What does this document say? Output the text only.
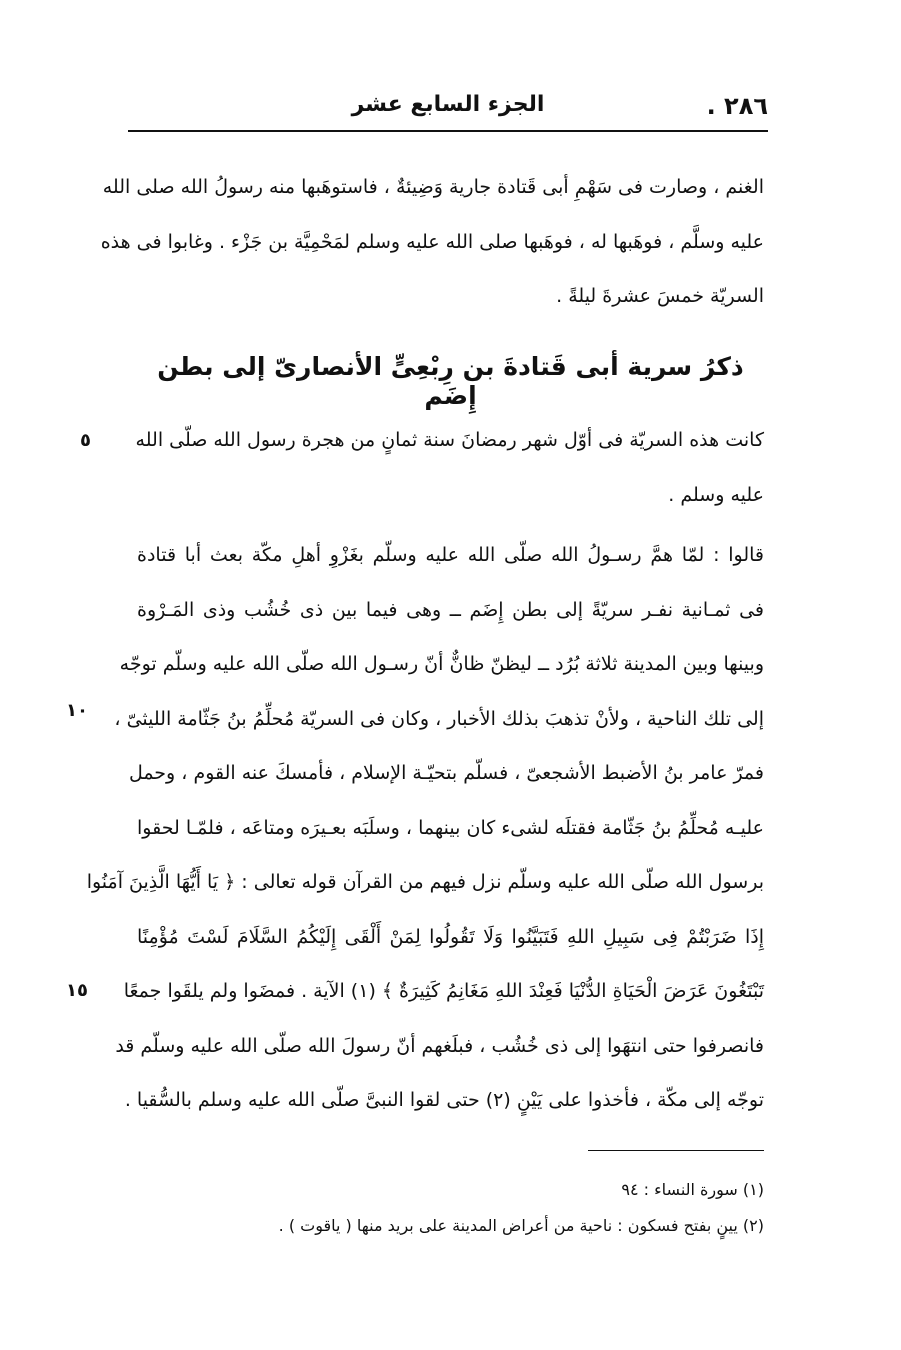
٢٨٦ .
الجزء السابع عشر
الغنم ، وصارت فى سَهْمِ أبى قَتادة جارية وَضِيئةٌ ، فاستوهَبها منه رسولُ الله صلى الله
عليه وسلَّم ، فوهَبها له ، فوهَبها صلى الله عليه وسلم لمَحْمِيَّة بن جَزْء . وغابوا فى هذه
السريّة خمسَ عشرةَ ليلةً .
ذكرُ سرية أبى قَتادةَ بن رِبْعِىٍّ الأنصارىّ إلى بطن إِضَم
كانت هذه السريّة فى أوّل شهر رمضانَ سنة ثمانٍ من هجرة رسول الله صلّى الله
عليه وسلم .
قالوا : لمّا همَّ رسـولُ الله صلّى الله عليه وسلّم بغَزْوِ أهلِ مكّة بعث أبا قتادة
فى ثمـانية نفـر سريّةً إلى بطن إِضَم ــ وهى فيما بين ذى خُشُب وذى المَـرْوة
وبينها وبين المدينة ثلاثة بُرُد ــ ليظنّ ظانٌّ أنّ رسـول الله صلّى الله عليه وسلّم توجّه
إلى تلك الناحية ، ولأنْ تذهبَ بذلك الأخبار ، وكان فى السريّة مُحلِّمُ بنُ جَثّامة الليثىّ ،
فمرّ عامر بنُ الأضبط الأشجعىّ ، فسلّم بتحيّـة الإسلام ، فأمسكَ عنه القوم ، وحمل
عليـه مُحلِّمُ بنُ جَثّامة فقتلَه لشىء كان بينهما ، وسلَبَه بعـيرَه ومتاعَه ، فلمّـا لحقوا
برسول الله صلّى الله عليه وسلّم نزل فيهم من القرآن قوله تعالى : ﴿ يَا أَيُّهَا الَّذِينَ آمَنُوا
إِذَا ضَرَبْتُمْ فِى سَبِيلِ اللهِ فَتَبَيَّنُوا وَلَا تَقُولُوا لِمَنْ أَلْقَى إِلَيْكُمُ السَّلَامَ لَسْتَ مُؤْمِنًا
تَبْتَغُونَ عَرَضَ الْحَيَاةِ الدُّنْيَا فَعِنْدَ اللهِ مَغَانِمُ كَثِيرَةٌ ﴾ (١) الآية . فمضَوا ولم يلقَوا جمعًا
فانصرفوا حتى انتهَوا إلى ذى خُشُب ، فبلَغهم أنّ رسولَ الله صلّى الله عليه وسلّم قد
توجّه إلى مكّة ، فأخذوا على يَيْنٍ (٢) حتى لقوا النبىَّ صلّى الله عليه وسلم بالسُّقيا .
٥
١٠
١٥
(١) سورة النساء : ٩٤
(٢) يينٍ بفتح فسكون : ناحية من أعراض المدينة على بريد منها ( ياقوت ) .
